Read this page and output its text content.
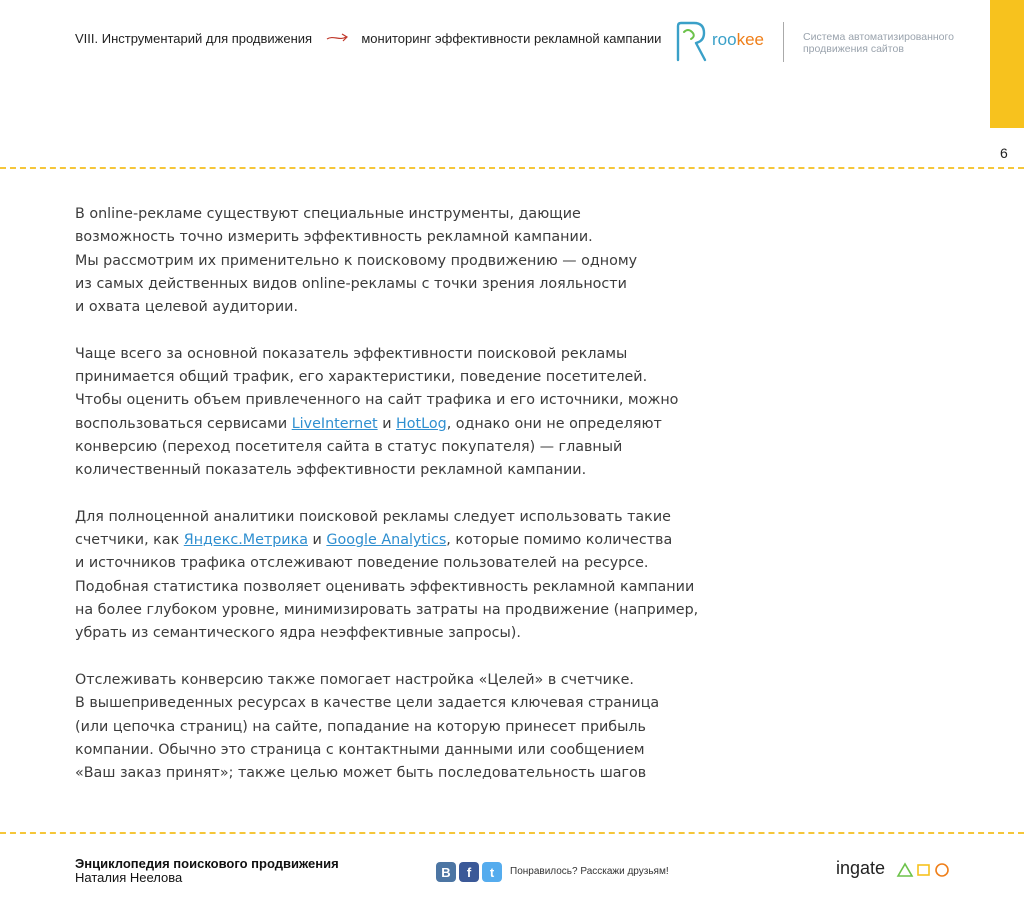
VIII. Инструментарий для продвижения	мониторинг эффективности рекламной кампании	rookee	Система автоматизированного
продвижения сайтов
6

В online-рекламе существуют специальные инструменты, дающие
возможность точно измерить эффективность рекламной кампании.
Мы рассмотрим их применительно к поисковому продвижению — одному
из самых действенных видов online-рекламы с точки зрения лояльности
и охвата целевой аудитории.

Чаще всего за основной показатель эффективности поисковой рекламы
принимается общий трафик, его характеристики, поведение посетителей.
Чтобы оценить объем привлеченного на сайт трафика и его источники, можно
воспользоваться сервисами LiveInternet и HotLog, однако они не определяют
конверсию (переход посетителя сайта в статус покупателя) — главный
количественный показатель эффективности рекламной кампании.

Для полноценной аналитики поисковой рекламы следует использовать такие
счетчики, как Яндекс.Метрика и Google Analytics, которые помимо количества
и источников трафика отслеживают поведение пользователей на ресурсе.
Подобная статистика позволяет оценивать эффективность рекламной кампании
на более глубоком уровне, минимизировать затраты на продвижение (например,
убрать из семантического ядра неэффективные запросы).

Отслеживать конверсию также помогает настройка «Целей» в счетчике.
В вышеприведенных ресурсах в качестве цели задается ключевая страница
(или цепочка страниц) на сайте, попадание на которую принесет прибыль
компании. Обычно это страница с контактными данными или сообщением
«Ваш заказ принят»; также целью может быть последовательность шагов

Энциклопедия поискового продвижения
Наталия Неелова	B	f	t	Понравилось? Расскажи друзьям!	ingate
